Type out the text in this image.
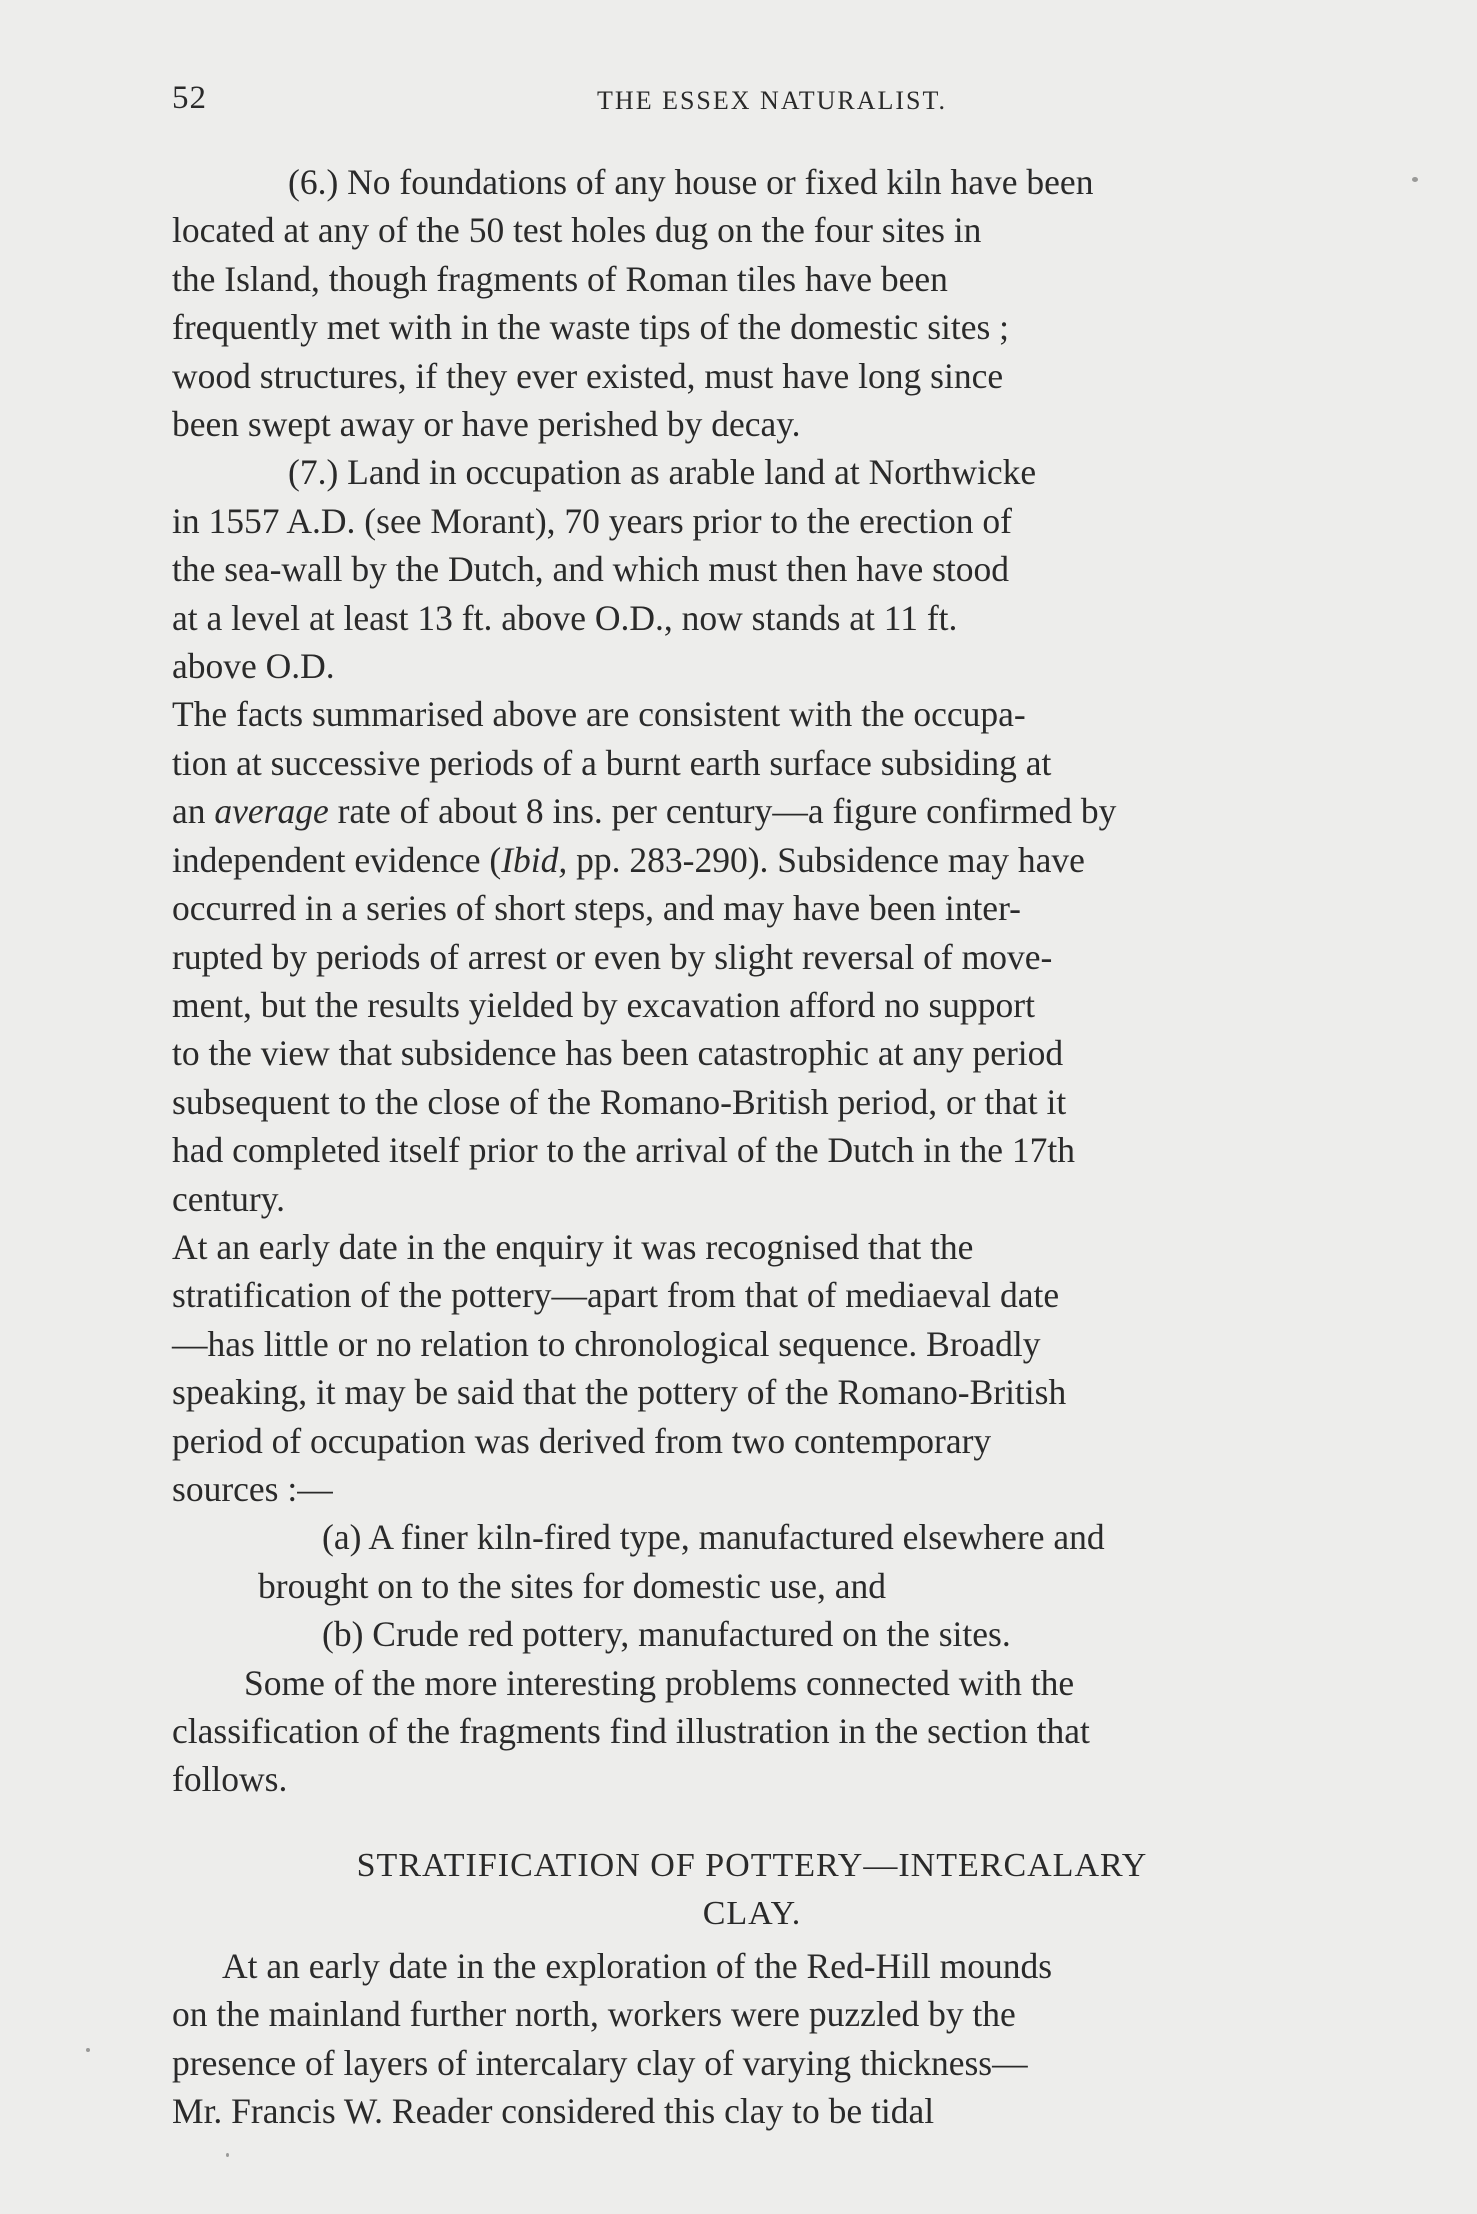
52	THE ESSEX NATURALIST.
(6.) No foundations of any house or fixed kiln have been
located at any of the 50 test holes dug on the four sites in
the Island, though fragments of Roman tiles have been
frequently met with in the waste tips of the domestic sites ;
wood structures, if they ever existed, must have long since
been swept away or have perished by decay.
(7.) Land in occupation as arable land at Northwicke
in 1557 A.D. (see Morant), 70 years prior to the erection of
the sea-wall by the Dutch, and which must then have stood
at a level at least 13 ft. above O.D., now stands at 11 ft.
above O.D.
The facts summarised above are consistent with the occupa-
tion at successive periods of a burnt earth surface subsiding at
an average rate of about 8 ins. per century—a figure confirmed by
independent evidence (Ibid, pp. 283-290). Subsidence may have
occurred in a series of short steps, and may have been inter-
rupted by periods of arrest or even by slight reversal of move-
ment, but the results yielded by excavation afford no support
to the view that subsidence has been catastrophic at any period
subsequent to the close of the Romano-British period, or that it
had completed itself prior to the arrival of the Dutch in the 17th
century.
At an early date in the enquiry it was recognised that the
stratification of the pottery—apart from that of mediaeval date
—has little or no relation to chronological sequence. Broadly
speaking, it may be said that the pottery of the Romano-British
period of occupation was derived from two contemporary
sources :—
(a) A finer kiln-fired type, manufactured elsewhere and
brought on to the sites for domestic use, and
(b) Crude red pottery, manufactured on the sites.
Some of the more interesting problems connected with the
classification of the fragments find illustration in the section that
follows.
STRATIFICATION OF POTTERY—INTERCALARY
CLAY.
At an early date in the exploration of the Red-Hill mounds
on the mainland further north, workers were puzzled by the
presence of layers of intercalary clay of varying thickness—
Mr. Francis W. Reader considered this clay to be tidal
